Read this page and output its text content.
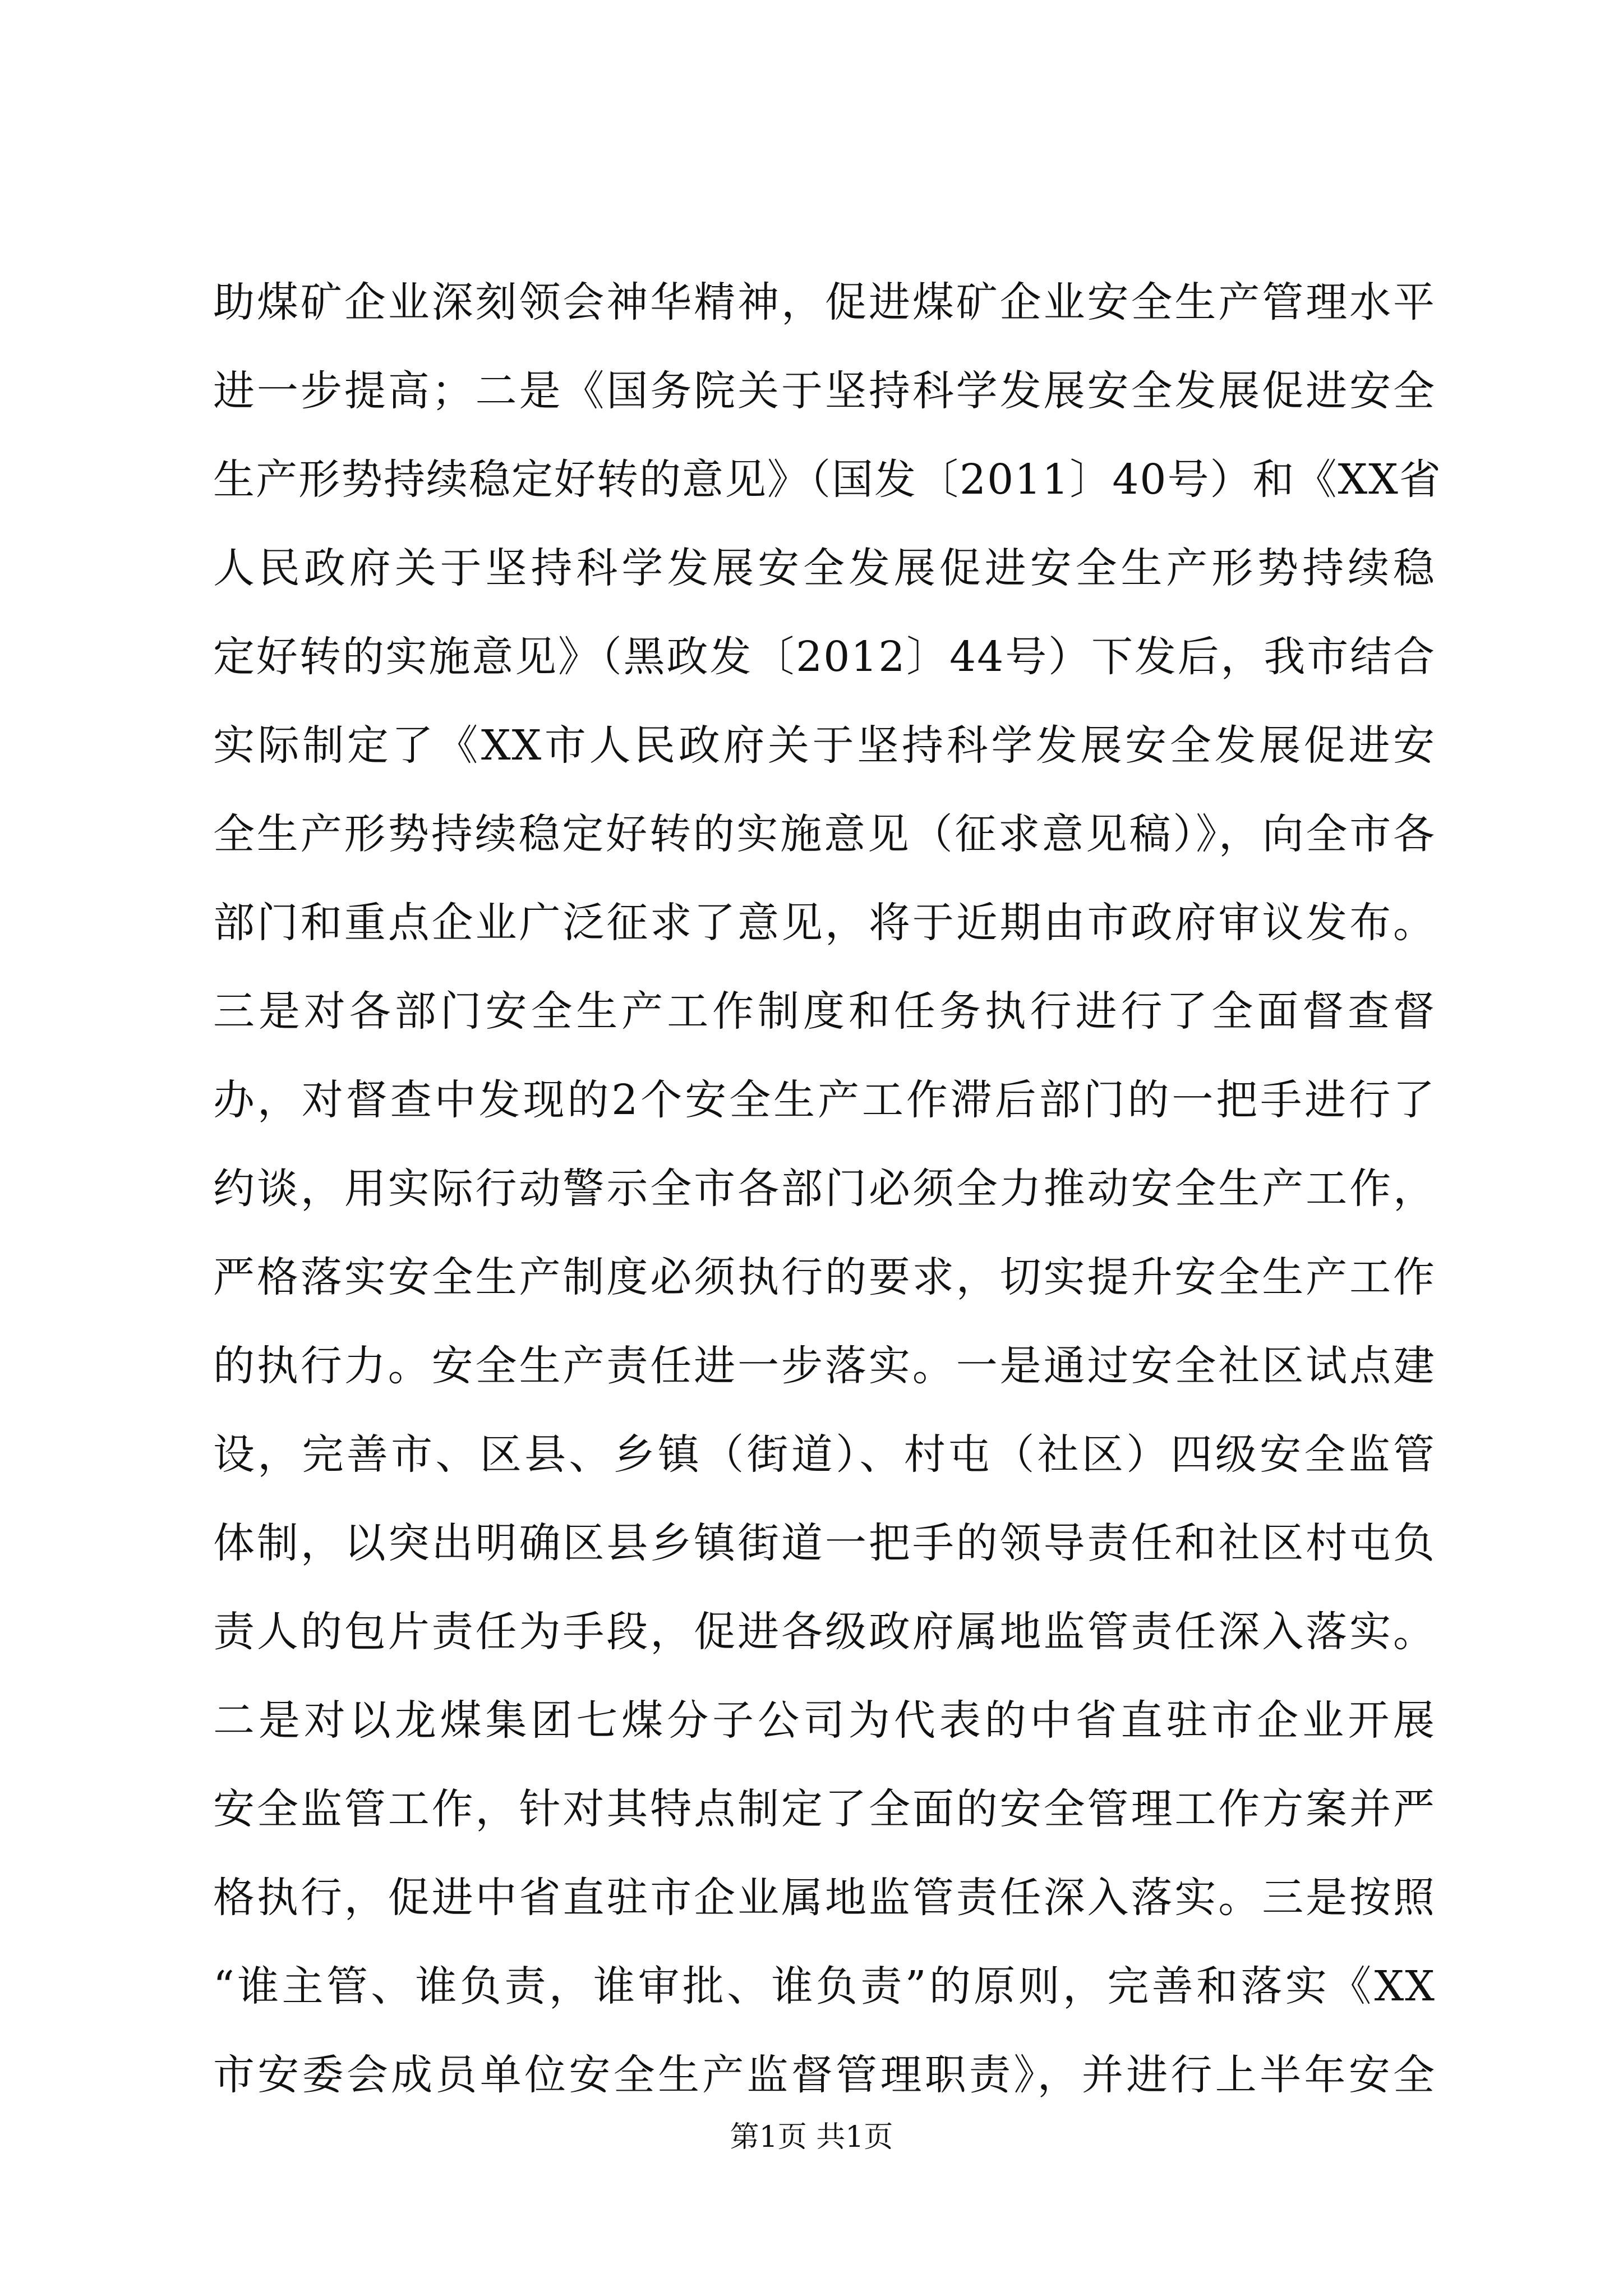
助煤矿企业深刻领会神华精神，促进煤矿企业安全生产管理水平
进一步提高；二是《国务院关于坚持科学发展安全发展促进安全
生产形势持续稳定好转的意见》（国发〔2011〕40号）和《XX省
人民政府关于坚持科学发展安全发展促进安全生产形势持续稳
定好转的实施意见》（黑政发〔2012〕44号）下发后，我市结合
实际制定了《XX市人民政府关于坚持科学发展安全发展促进安
全生产形势持续稳定好转的实施意见（征求意见稿）》，向全市各
部门和重点企业广泛征求了意见，将于近期由市政府审议发布。
三是对各部门安全生产工作制度和任务执行进行了全面督查督
办，对督查中发现的2个安全生产工作滞后部门的一把手进行了
约谈，用实际行动警示全市各部门必须全力推动安全生产工作，
严格落实安全生产制度必须执行的要求，切实提升安全生产工作
的执行力。安全生产责任进一步落实。一是通过安全社区试点建
设，完善市、区县、乡镇（街道）、村屯（社区）四级安全监管
体制，以突出明确区县乡镇街道一把手的领导责任和社区村屯负
责人的包片责任为手段，促进各级政府属地监管责任深入落实。
二是对以龙煤集团七煤分子公司为代表的中省直驻市企业开展
安全监管工作，针对其特点制定了全面的安全管理工作方案并严
格执行，促进中省直驻市企业属地监管责任深入落实。三是按照
“谁主管、谁负责，谁审批、谁负责”的原则，完善和落实《XX
市安委会成员单位安全生产监督管理职责》，并进行上半年安全
第1页 共1页
